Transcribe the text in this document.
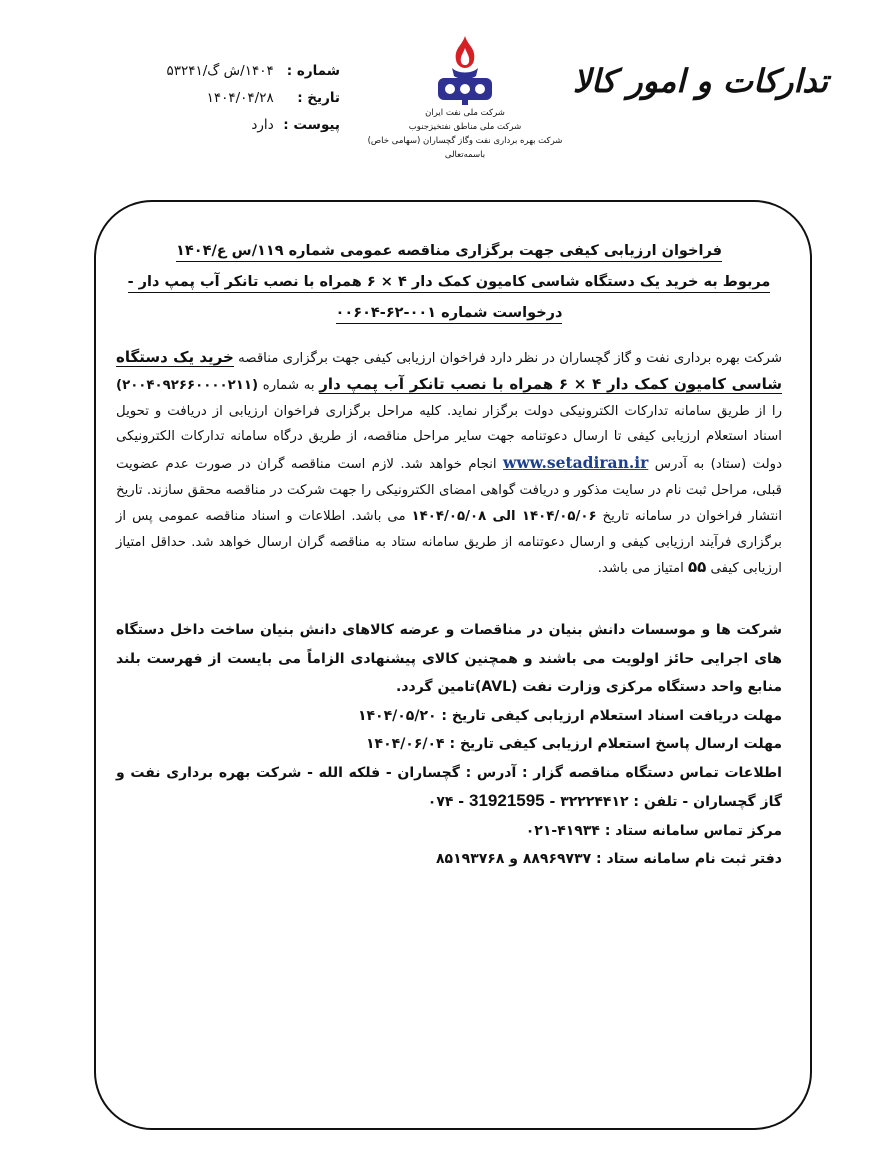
شماره : ۱۴۰۴/ش گ/۵۳۲۴۱
تاریخ : ۱۴۰۴/۰۴/۲۸
پیوست : دارد
شرکت ملی نفت ایران
شرکت ملی مناطق نفتخیزجنوب
شرکت بهره برداری نفت وگاز گچساران (سهامی خاص)
باسمه‌تعالی
تدارکات و امور کالا
فراخوان ارزیابی کیفی جهت برگزاری مناقصه عمومی شماره ۱۱۹/س ع/۱۴۰۴
مربوط به خرید یک دستگاه شاسی کامیون کمک دار ۴ × ۶ همراه با نصب تانکر آب پمپ دار -
درخواست شماره ۰۰۱-۶۲-۰۰۶۰۴
شرکت بهره برداری نفت و گاز گچساران در نظر دارد فراخوان ارزیابی کیفی جهت برگزاری مناقصه خرید یک دستگاه شاسی کامیون کمک دار ۴ × ۶ همراه با نصب تانکر آب پمپ دار به شماره (۲۰۰۴۰۹۲۶۶۰۰۰۰۲۱۱) را از طریق سامانه تدارکات الکترونیکی دولت برگزار نماید. کلیه مراحل برگزاری فراخوان ارزیابی از دریافت و تحویل اسناد استعلام ارزیابی کیفی تا ارسال دعوتنامه جهت سایر مراحل مناقصه، از طریق درگاه سامانه تدارکات الکترونیکی دولت (ستاد) به آدرس www.setadiran.ir انجام خواهد شد. لازم است مناقصه گران در صورت عدم عضویت قبلی، مراحل ثبت نام در سایت مذکور و دریافت گواهی امضای الکترونیکی را جهت شرکت در مناقصه محقق سازند. تاریخ انتشار فراخوان در سامانه تاریخ ۱۴۰۴/۰۵/۰۶ الی ۱۴۰۴/۰۵/۰۸ می باشد. اطلاعات و اسناد مناقصه عمومی پس از برگزاری فرآیند ارزیابی کیفی و ارسال دعوتنامه از طریق سامانه ستاد به مناقصه گران ارسال خواهد شد. حداقل امتیاز ارزیابی کیفی ۵۵ امتیاز می باشد.
شرکت ها و موسسات دانش بنیان در مناقصات و عرضه کالاهای دانش بنیان ساخت داخل دستگاه های اجرایی حائز اولویت می باشند و همچنین کالای پیشنهادی الزاماً می بایست از فهرست بلند منابع واحد دستگاه مرکزی وزارت نفت (AVL)تامین گردد.
مهلت دریافت اسناد استعلام ارزیابی کیفی تاریخ : ۱۴۰۴/۰۵/۲۰
مهلت ارسال پاسخ استعلام ارزیابی کیفی تاریخ : ۱۴۰۴/۰۶/۰۴
اطلاعات تماس دستگاه مناقصه گزار : آدرس : گچساران - فلکه الله - شرکت بهره برداری نفت و گاز گچساران - تلفن : ۳۲۲۲۴۴۱۲ - 31921595 - ۰۷۴
مرکز تماس سامانه ستاد : ۴۱۹۳۴-۰۲۱
دفتر ثبت نام سامانه ستاد : ۸۸۹۶۹۷۳۷ و ۸۵۱۹۳۷۶۸
